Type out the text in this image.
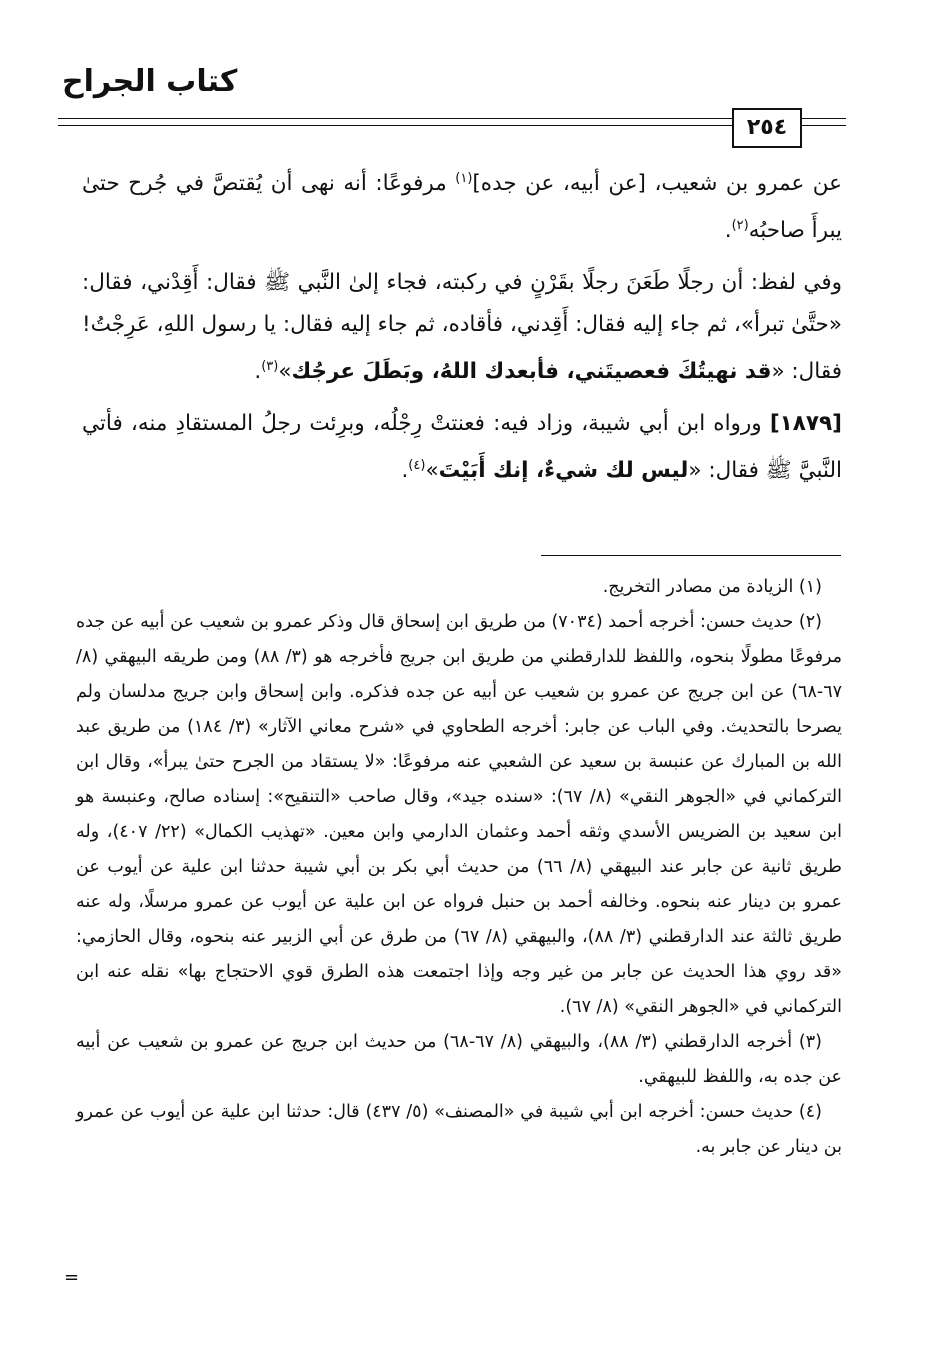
كتاب الجراح
٢٥٤

عن عمرو بن شعيب، [عن أبيه، عن جده]$^{(١)}$ مرفوعًا: أنه نهى أن يُقتصَّ في جُرح حتىٰ يبرأَ صاحبُه$^{(٢)}$.

وفي لفظ: أن رجلًا طَعَنَ رجلًا بقَرْنٍ في ركبته، فجاء إلىٰ النَّبي ﷺ فقال: أَقِدْني، فقال: «حتَّىٰ تبرأ»، ثم جاء إليه فقال: أَقِدني، فأقاده، ثم جاء إليه فقال: يا رسول اللهِ، عَرِجْتُ! فقال: «قد نهيتُكَ فعصيتَني، فأبعدك اللهُ، وبَطَلَ عرجُك»$^{(٣)}$.

[١٨٧٩] ورواه ابن أبي شيبة، وزاد فيه: فعنتتْ رِجْلُه، وبرِئت رجلُ المستقادِ منه، فأتي النَّبيَّ ﷺ فقال: «ليس لك شيءٌ، إنك أَبَيْتَ»$^{(٤)}$.

(١) الزيادة من مصادر التخريج.

(٢) حديث حسن: أخرجه أحمد (٧٠٣٤) من طريق ابن إسحاق قال وذكر عمرو بن شعيب عن أبيه عن جده مرفوعًا مطولًا بنحوه، واللفظ للدارقطني من طريق ابن جريج فأخرجه هو (٣/ ٨٨) ومن طريقه البيهقي (٨/ ٦٧-٦٨) عن ابن جريج عن عمرو بن شعيب عن أبيه عن جده فذكره. وابن إسحاق وابن جريج مدلسان ولم يصرحا بالتحديث. وفي الباب عن جابر: أخرجه الطحاوي في «شرح معاني الآثار» (٣/ ١٨٤) من طريق عبد الله بن المبارك عن عنبسة بن سعيد عن الشعبي عنه مرفوعًا: «لا يستقاد من الجرح حتىٰ يبرأ»، وقال ابن التركماني في «الجوهر النقي» (٨/ ٦٧): «سنده جيد»، وقال صاحب «التنقيح»: إسناده صالح، وعنبسة هو ابن سعيد بن الضريس الأسدي وثقه أحمد وعثمان الدارمي وابن معين. «تهذيب الكمال» (٢٢/ ٤٠٧)، وله طريق ثانية عن جابر عند البيهقي (٨/ ٦٦) من حديث أبي بكر بن أبي شيبة حدثنا ابن علية عن أيوب عن عمرو بن دينار عنه بنحوه. وخالفه أحمد بن حنبل فرواه عن ابن علية عن أيوب عن عمرو مرسلًا، وله عنه طريق ثالثة عند الدارقطني (٣/ ٨٨)، والبيهقي (٨/ ٦٧) من طرق عن أبي الزبير عنه بنحوه، وقال الحازمي: «قد روي هذا الحديث عن جابر من غير وجه وإذا اجتمعت هذه الطرق قوي الاحتجاج بها» نقله عنه ابن التركماني في «الجوهر النقي» (٨/ ٦٧).

(٣) أخرجه الدارقطني (٣/ ٨٨)، والبيهقي (٨/ ٦٧-٦٨) من حديث ابن جريج عن عمرو بن شعيب عن أبيه عن جده به، واللفظ للبيهقي.

(٤) حديث حسن: أخرجه ابن أبي شيبة في «المصنف» (٥/ ٤٣٧) قال: حدثنا ابن علية عن أيوب عن عمرو بن دينار عن جابر به.

=
